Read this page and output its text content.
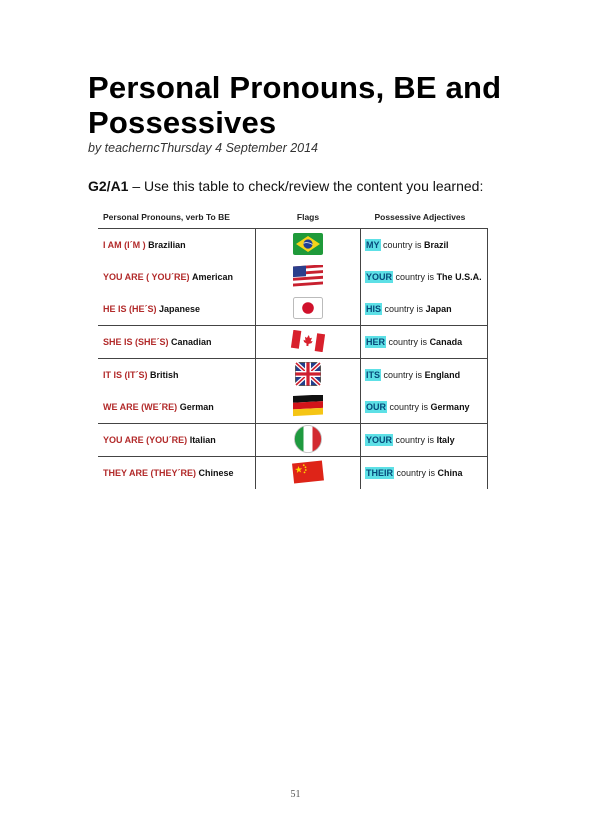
Personal Pronouns, BE and Possessives
by teacherncThursday 4 September 2014
G2/A1 – Use this table to check/review the content you learned:
Personal Pronouns, verb To BE	Flags	Possessive Adjectives
I AM (I´M ) Brazilian		MY country is Brazil
YOU ARE ( YOU´RE) American		YOUR country is The U.S.A.
HE IS (HE´S) Japanese		HIS country is Japan
SHE IS (SHE´S) Canadian		HER country is Canada
IT IS (IT´S) British		ITS country is England
WE ARE (WE´RE) German		OUR country is Germany
YOU ARE (YOU´RE) Italian		YOUR country is Italy
THEY ARE (THEY´RE) Chinese		THEIR country is China
51
